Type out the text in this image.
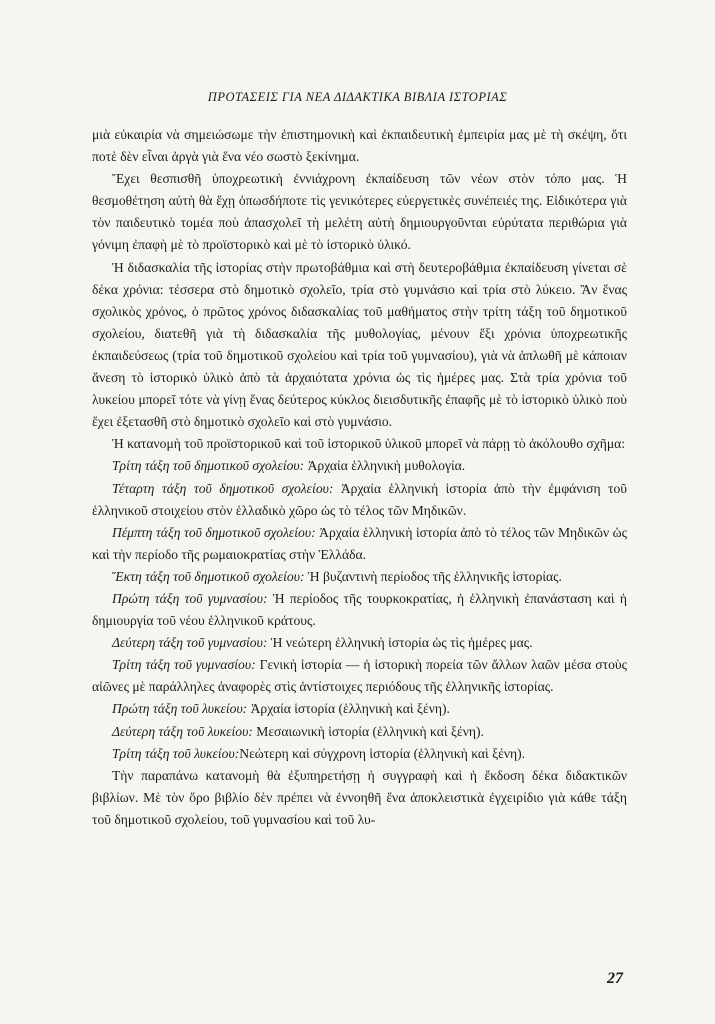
ΠΡΟΤΑΣΕΙΣ ΓΙΑ ΝΕΑ ΔΙΔΑΚΤΙΚΑ ΒΙΒΛΙΑ ΙΣΤΟΡΙΑΣ

μιὰ εὐκαιρία νὰ σημειώσωμε τὴν ἐπιστημονικὴ καὶ ἐκπαιδευτικὴ ἐμπειρία μας μὲ τὴ σκέψη, ὅτι ποτὲ δὲν εἶναι ἀργὰ γιὰ ἕνα νέο σωστὸ ξεκίνημα.

Ἔχει θεσπισθῆ ὑποχρεωτικὴ ἐννιάχρονη ἐκπαίδευση τῶν νέων στὸν τόπο μας. Ἡ θεσμοθέτηση αὐτὴ θὰ ἔχῃ ὁπωσδήποτε τὶς γενικότερες εὐεργετικὲς συνέπειές της. Εἰδικότερα γιὰ τὸν παιδευτικὸ τομέα ποὺ ἀπασχολεῖ τὴ μελέτη αὐτὴ δημιουργοῦνται εὐρύτατα περιθώρια γιὰ γόνιμη ἐπαφὴ μὲ τὸ προϊστορικὸ καὶ μὲ τὸ ἱστορικὸ ὑλικό.

Ἡ διδασκαλία τῆς ἱστορίας στὴν πρωτοβάθμια καὶ στὴ δευτεροβάθμια ἐκπαίδευση γίνεται σὲ δέκα χρόνια: τέσσερα στὸ δημοτικὸ σχολεῖο, τρία στὸ γυμνάσιο καὶ τρία στὸ λύκειο. Ἂν ἕνας σχολικὸς χρόνος, ὁ πρῶτος χρόνος διδασκαλίας τοῦ μαθήματος στὴν τρίτη τάξη τοῦ δημοτικοῦ σχολείου, διατεθῆ γιὰ τὴ διδασκαλία τῆς μυθολογίας, μένουν ἕξι χρόνια ὑποχρεωτικῆς ἐκπαιδεύσεως (τρία τοῦ δημοτικοῦ σχολείου καὶ τρία τοῦ γυμνασίου), γιὰ νὰ ἁπλωθῆ μὲ κάποιαν ἄνεση τὸ ἱστορικὸ ὑλικὸ ἀπὸ τὰ ἀρχαιότατα χρόνια ὡς τὶς ἡμέρες μας. Στὰ τρία χρόνια τοῦ λυκείου μπορεῖ τότε νὰ γίνῃ ἕνας δεύτερος κύκλος διεισδυτικῆς ἐπαφῆς μὲ τὸ ἱστορικὸ ὑλικὸ ποὺ ἔχει ἐξετασθῆ στὸ δημοτικὸ σχολεῖο καὶ στὸ γυμνάσιο.

Ἡ κατανομὴ τοῦ προϊστορικοῦ καὶ τοῦ ἱστορικοῦ ὑλικοῦ μπορεῖ νὰ πάρῃ τὸ ἀκόλουθο σχῆμα:

Τρίτη τάξη τοῦ δημοτικοῦ σχολείου: Ἀρχαία ἑλληνικὴ μυθολογία.

Τέταρτη τάξη τοῦ δημοτικοῦ σχολείου: Ἀρχαία ἑλληνικὴ ἱστορία ἀπὸ τὴν ἐμφάνιση τοῦ ἑλληνικοῦ στοιχείου στὸν ἑλλαδικὸ χῶρο ὡς τὸ τέλος τῶν Μηδικῶν.

Πέμπτη τάξη τοῦ δημοτικοῦ σχολείου: Ἀρχαία ἑλληνικὴ ἱστορία ἀπὸ τὸ τέλος τῶν Μηδικῶν ὡς καὶ τὴν περίοδο τῆς ρωμαιοκρατίας στὴν Ἑλλάδα.

Ἕκτη τάξη τοῦ δημοτικοῦ σχολείου: Ἡ βυζαντινὴ περίοδος τῆς ἑλληνικῆς ἱστορίας.

Πρώτη τάξη τοῦ γυμνασίου: Ἡ περίοδος τῆς τουρκοκρατίας, ἡ ἑλληνικὴ ἐπανάσταση καὶ ἡ δημιουργία τοῦ νέου ἑλληνικοῦ κράτους.

Δεύτερη τάξη τοῦ γυμνασίου: Ἡ νεώτερη ἑλληνικὴ ἱστορία ὡς τὶς ἡμέρες μας.

Τρίτη τάξη τοῦ γυμνασίου: Γενικὴ ἱστορία — ἡ ἱστορικὴ πορεία τῶν ἄλλων λαῶν μέσα στοὺς αἰῶνες μὲ παράλληλες ἀναφορὲς στὶς ἀντίστοιχες περιόδους τῆς ἑλληνικῆς ἱστορίας.

Πρώτη τάξη τοῦ λυκείου: Ἀρχαία ἱστορία (ἑλληνικὴ καὶ ξένη).

Δεύτερη τάξη τοῦ λυκείου: Μεσαιωνικὴ ἱστορία (ἑλληνικὴ καὶ ξένη).

Τρίτη τάξη τοῦ λυκείου:Νεώτερη καὶ σύγχρονη ἱστορία (ἑλληνικὴ καὶ ξένη).

Τὴν παραπάνω κατανομὴ θὰ ἐξυπηρετήσῃ ἡ συγγραφὴ καὶ ἡ ἔκδοση δέκα διδακτικῶν βιβλίων. Μὲ τὸν ὅρο βιβλίο δὲν πρέπει νὰ ἐννοηθῆ ἕνα ἀποκλειστικὰ ἐγχειρίδιο γιὰ κάθε τάξη τοῦ δημοτικοῦ σχολείου, τοῦ γυμνασίου καὶ τοῦ λυ-

27
